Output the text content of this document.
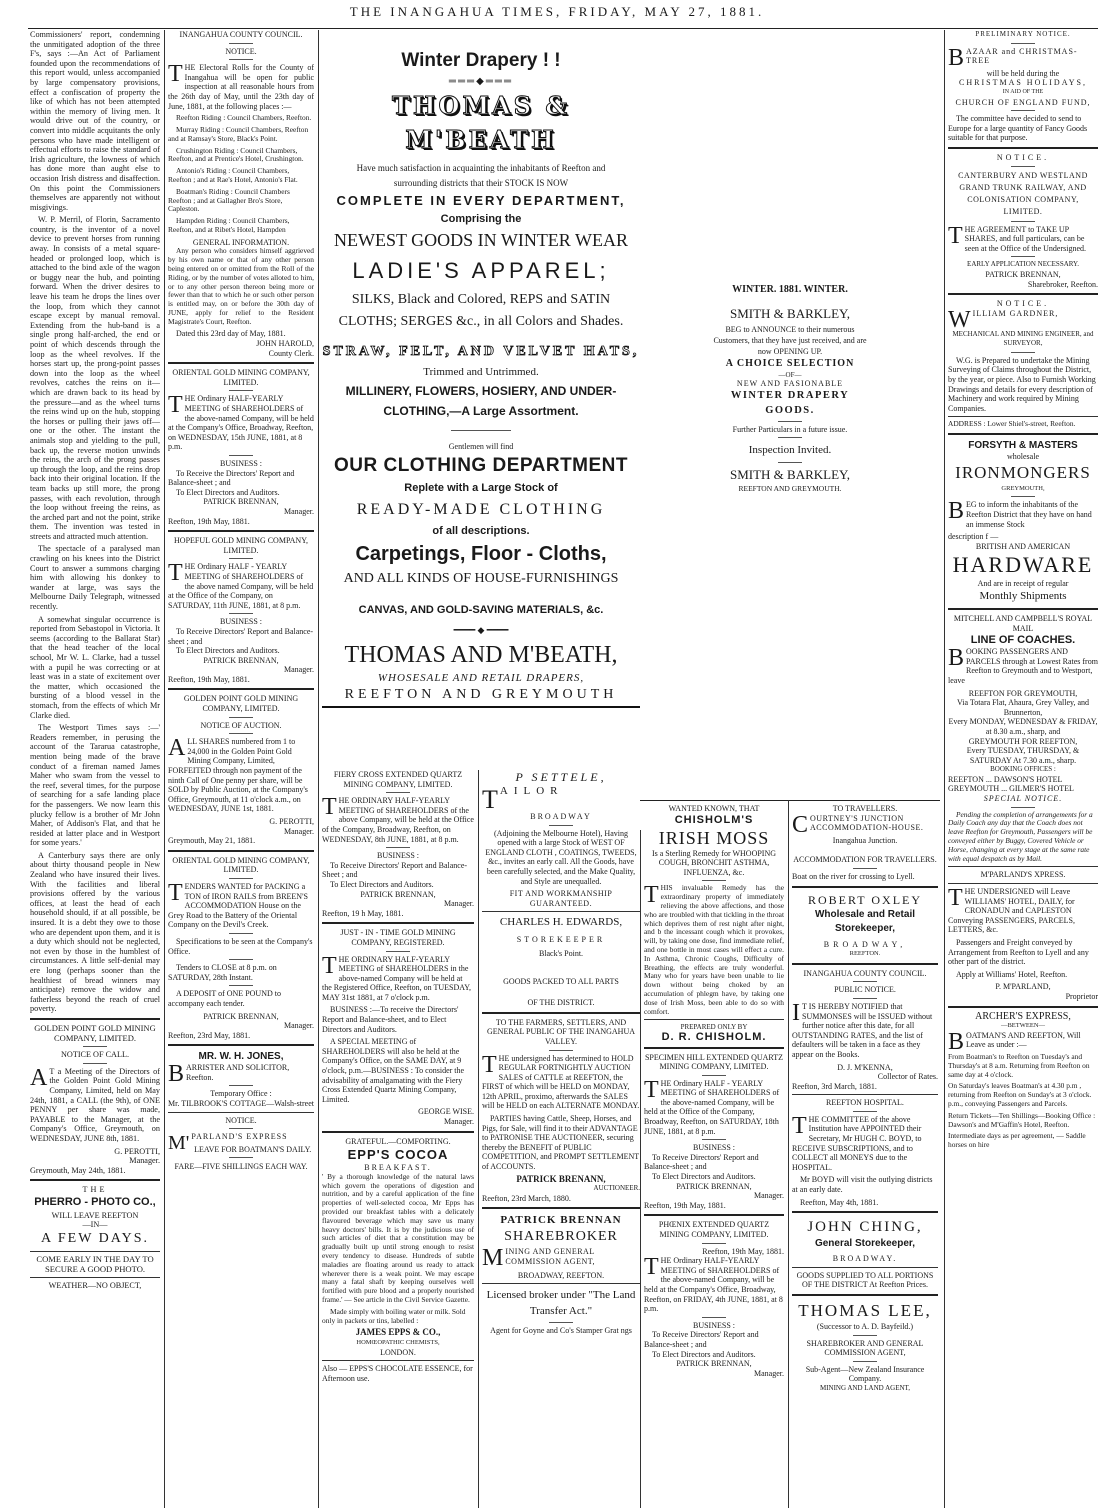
THE INANGAHUA TIMES, FRIDAY, MAY 27, 1881.

Commissioners' report, condemning the unmitigated adoption of the three F's, says :—An Act of Parliament founded upon the recommendations of this report would, unless accompanied by large compensatory provisions, effect a confiscation of property the like of which has not been attempted within the memory of living men. It would drive out of the country, or convert into middle acquitants the only persons who have made intelligent or effectual efforts to raise the standard of Irish agriculture, the lowness of which has done more than aught else to occasion Irish distress and disaffection. On this point the Commissioners themselves are apparently not without misgivings.

W. P. Merril, of Florin, Sacramento country, is the inventor of a novel device to prevent horses from running away. In consists of a metal square-headed or prolonged loop, which is attached to the bind axle of the wagon or buggy near the hub, and pointing forward. When the driver desires to leave his team he drops the lines over the loop, from which they cannot escape except by manual removal. Extending from the hub-band is a single prong half-arched, the end or point of which descends through the loop as the wheel revolves. If the horses start up, the prong-point passes down into the loop as the wheel revolves, catches the reins on it—which are drawn back to its head by the pressure—and as the wheel turns the reins wind up on the hub, stopping the horses or pulling their jaws off—one or the other. The instant the animals stop and yielding to the pull, back up, the reverse motion unwinds the reins, the arch of the prong passes up through the loop, and the reins drop back into their original location. If the team backs up still more, the prong passes, with each revolution, through the loop without freeing the reins, as the arched part and not the point, strike them. The invention was tested in streets and attracted much attention.

The spectacle of a paralysed man crawling on his knees into the District Court to answer a summons charging him with allowing his donkey to wander at large, was says the Melbourne Daily Telegraph, witnessed recently.

A somewhat singular occurrence is reported from Sebastopol in Victoria. It seems (according to the Ballarat Star) that the head teacher of the local school, Mr W. L. Clarke, had a tussel with a pupil he was correcting or at least was in a state of excitement over the matter, which occasioned the bursting of a blood vessel in the stomach, from the effects of which Mr Clarke died.

The Westport Times says :—' Readers remember, in perusing the account of the Tararua catastrophe, mention being made of the brave conduct of a fireman named James Maher who swam from the vessel to the reef, several times, for the purpose of searching for a safe landing place for the passengers. We now learn this plucky fellow is a brother of Mr John Maher, of Addison's Flat, and that he resided at latter place and in Westport for some years.'

A Canterbury says there are only about thirty thousand people in New Zealand who have insured their lives. With the facilities and liberal provisions offered by the various offices, at least the head of each household should, if at all possible, be insured. It is a debt they owe to those who are dependent upon them, and it is a duty which should not be neglected, not even by those in the humblest of circumstances. A little self-denial may ere long (perhaps sooner than the healthiest of bread winners may anticipate) remove the widow and fatherless beyond the reach of cruel poverty.

GOLDEN POINT GOLD MINING COMPANY, LIMITED.
NOTICE OF CALL.

A T a Meeting of the Directors of the Golden Point Gold Mining Company, Limited, held on May 24th, 1881, a CALL (the 9th), of ONE PENNY per share was made, PAYABLE to the Manager, at the Company's Office, Greymouth, on WEDNESDAY, JUNE 8th, 1881.

G. PEROTTI,
Manager.
Greymouth, May 24th, 1881.
THE
PHERRO - PHOTO CO.,
WILL LEAVE REEFTON
—IN—
A FEW DAYS.
COME EARLY IN THE DAY TO SECURE A GOOD PHOTO.
WEATHER—NO OBJECT,
INANGAHUA COUNTY COUNCIL.
NOTICE.

THE Electoral Rolls for the County of Inangahua will be open for public inspection at all reasonable hours from the 26th day of May, until the 23th day of June, 1881, at the following places :—

Reefton Riding : Council Chambers, Reefton.

Murray Riding : Council Chambers, Reefton and at Ramsay's Store, Black's Point.

Crushington Riding : Council Chambers, Reefton, and at Prentice's Hotel, Crushington.

Antonio's Riding : Council Chambers, Reefton ; and at Rae's Hotel, Antonio's Flat.

Boatman's Riding : Council Chambers Reefton ; and at Gallagher Bro's Store, Capleston.

Hampden Riding : Council Chambers, Reefton, and at Ribet's Hotel, Hampden

GENERAL INFORMATION.

Any person who considers himself aggrieved by his own name or that of any other person being entered on or omitted from the Roll of the Riding, or by the number of votes alloted to him, or to any other person thereon being more or fewer than that to which he or such other person is entitled may, on or before the 30th day of JUNE, apply for relief to the Resident Magistrate's Court, Reefton.

Dated this 23rd day of May, 1881.
JOHN HAROLD,
County Clerk.
ORIENTAL GOLD MINING COMPANY, LIMITED.

THE Ordinary HALF-YEARLY MEETING of SHAREHOLDERS of the above-named Company, will be held at the Company's Office, Broadway, Reefton, on WEDNESDAY, 15th JUNE, 1881, at 8 p.m.

BUSINESS :
To Receive the Directors' Report and Balance-sheet ; and
To Elect Directors and Auditors.
PATRICK BRENNAN,
Manager.
Reefton, 19th May, 1881.
HOPEFUL GOLD MINING COMPANY, LIMITED.

THE Ordinary HALF - YEARLY MEETING of SHAREHOLDERS of the above named Company, will be held at the Office of the Company, on SATURDAY, 11th JUNE, 1881, at 8 p.m.

BUSINESS :
To Receive Directors' Report and Balance-sheet ; and
To Elect Directors and Auditors.
PATRICK BRENNAN,
Manager.
Reefton, 19th May, 1881.
GOLDEN POINT GOLD MINING COMPANY, LIMITED.
NOTICE OF AUCTION.

ALL SHARES numbered from 1 to 24,000 in the Golden Point Gold Mining Company, Limited, FORFEITED through non payment of the ninth Call of One penny per share, will be SOLD by Public Auction, at the Company's Office, Greymouth, at 11 o'clock a.m., on WEDNESDAY, JUNE 1st, 1881.

G. PEROTTI,
Manager.
Greymouth, May 21, 1881.
ORIENTAL GOLD MINING COMPANY, LIMITED.

TENDERS WANTED for PACKING a TON of IRON RAILS from BREEN'S ACCOMMODATION House on the Grey Road to the Battery of the Oriental Company on the Devil's Creek.

Specifications to be seen at the Company's Office.

Tenders to CLOSE at 8 p.m. on SATURDAY, 28th Instant.

A DEPOSIT of ONE POUND to accompany each tender.

PATRICK BRENNAN,
Manager.
Reefton, 23rd May, 1881.
MR. W. H. JONES,

BARRISTER AND SOLICITOR, Reefton.

Temporary Office :
Mr. TILBROOK'S COTTAGE—Walsh-street
NOTICE.

M' PARLAND'S EXPRESS

LEAVE FOR BOATMAN'S DAILY.
FARE—FIVE SHILLINGS EACH WAY.
Winter Drapery ! !
═══◆═══
THOMAS & M'BEATH
Have much satisfaction in acquainting the inhabitants of Reefton and surrounding districts that their STOCK IS NOW
COMPLETE IN EVERY DEPARTMENT,
Comprising the
NEWEST GOODS IN WINTER WEAR
LADIE'S APPAREL;
SILKS, Black and Colored, REPS and SATIN
CLOTHS; SERGES &c., in all Colors and Shades.
STRAW, FELT, AND VELVET HATS,
Trimmed and Untrimmed.
MILLINERY, FLOWERS, HOSIERY, AND UNDER-
CLOTHING,—A Large Assortment.
Gentlemen will find
OUR CLOTHING DEPARTMENT
Replete with a Large Stock of
READY-MADE CLOTHING
of all descriptions.
Carpetings, Floor - Cloths,
AND ALL KINDS OF HOUSE-FURNISHINGS
CANVAS, AND GOLD-SAVING MATERIALS, &c.
━━━━ ◆ ━━━━
THOMAS AND M'BEATH,
WHOSESALE AND RETAIL DRAPERS,
REEFTON AND GREYMOUTH
FIERY CROSS EXTENDED QUARTZ MINING COMPANY, LIMITED.

THE ORDINARY HALF-YEARLY MEETING of SHAREHOLDERS of the above Company, will be held at the Office of the Company, Broadway, Reefton, on WEDNESDAY, 8th JUNE, 1881, at 8 p.m.

BUSINESS :
To Receive Directors' Report and Balance-Sheet ; and
To Elect Directors and Auditors.
PATRICK BRENNAN,
Manager.
Reefton, 19 h May, 1881.
JUST - IN - TIME GOLD MINING COMPANY, REGISTERED.

THE ORDINARY HALF-YEARLY MEETING of SHAREHOLDERS in the above-named Company will be held at the Registered Office, Reefton, on TUESDAY, MAY 31st 1881, at 7 o'clock p.m.

BUSINESS :—To receive the Directors' Report and Balance-sheet, and to Elect Directors and Auditors.

A SPECIAL MEETING of SHAREHOLDERS will also be held at the Company's Office, on the SAME DAY, at 9 o'clock, p.m.—BUSINESS : To consider the advisability of amalgamating with the Fiery Cross Extended Quartz Mining Company, Limited.

GEORGE WISE.
Manager.
GRATEFUL.—COMFORTING.
EPP'S COCOA
BREAKFAST.

' By a thorough knowledge of the natural laws which govern the operations of digestion and nutrition, and by a careful application of the fine properties of well-selected cocoa, Mr Epps has provided our breakfast tables with a delicately flavoured beverage which may save us many heavy doctors' bills. It is by the judicious use of such articles of diet that a constitution may be gradually built up until strong enough to resist every tendency to disease. Hundreds of subtle maladies are floating around us ready to attack wherever there is a weak point. We may escape many a fatal shaft by keeping ourselves well fortified with pure blood and a properly nourished frame.' — See article in the Civil Service Gazette.

Made simply with boiling water or milk. Sold only in packets or tins, labelled :

JAMES EPPS & CO.,
HOMŒOPATHIC CHEMISTS,
LONDON.

Also — EPPS'S CHOCOLATE ESSENCE, for Afternoon use.

P SETTELE,

TAILOR

BROADWAY

(Adjoining the Melbourne Hotel), Having opened with a large Stock of WEST OF ENGLAND CLOTH , COATINGS, TWEEDS, &c., invites an early call. All the Goods, have been carefully selected, and the Make Quality, and Style are unequalled.

FIT AND WORKMANSHIP GUARANTEED.
CHARLES H. EDWARDS,
STOREKEEPER
Black's Point.
GOODS PACKED TO ALL PARTS
OF THE DISTRICT.
TO THE FARMERS, SETTLERS, AND GENERAL PUBLIC OF THE INANGAHUA VALLEY.

THE undersigned has determined to HOLD REGULAR FORTNIGHTLY AUCTION SALES of CATTLE at REEFTON, the FIRST of which will be HELD on MONDAY, 12th APRIL, proximo, afterwards the SALES will be HELD on each ALTERNATE MONDAY.

PARTIES having Cattle, Sheep, Horses, and Pigs, for Sale, will find it to their ADVANTAGE to PATRONISE THE AUCTIONEER, securing thereby the BENEFIT of PUBLIC COMPETITION, and PROMPT SETTLEMENT of ACCOUNTS.

PATRICK BRENANN,
AUCTIONEER.
Reefton, 23rd March, 1880.
PATRICK BRENNAN
SHAREBROKER

MINING AND GENERAL COMMISSION AGENT,

BROADWAY, REEFTON.
Licensed broker under "The Land Transfer Act."

Agent for Goyne and Co's Stamper Grat ngs

WINTER. 1881. WINTER.
SMITH & BARKLEY,
BEG to ANNOUNCE to their numerous Customers, that they have just received, and are now OPENING UP.
A CHOICE SELECTION
—OF—
NEW AND FASIONABLE
WINTER DRAPERY GOODS.
Further Particulars in a future issue.
Inspection Invited.
SMITH & BARKLEY,
REEFTON AND GREYMOUTH.
WANTED KNOWN, THAT
CHISHOLM'S
IRISH MOSS

Is a Sterling Remedy for WHOOPING COUGH, BRONCHIT ASTHMA, INFLUENZA, &c.

THIS invaluable Remedy has the extraordinary property of immediately relieving the above affections, and those who are troubled with that tickling in the throat which deprives them of rest night after night, and b the incessant cough which it provokes, will, by taking one dose, find immediate relief, and one bottle in most cases will effect a cure. In Asthma, Chronic Coughs, Difficulty of Breathing, the effects are truly wonderful. Many who for years have been unable to lie down without being choked by an accumulation of phlegm have, by taking one dose of Irish Moss, been able to do so with comfort.

PREPARED ONLY BY
D. R. CHISHOLM.
SPECIMEN HILL EXTENDED QUARTZ MINING COMPANY, LIMITED.

THE Ordinary HALF - YEARLY MEETING of SHAREHOLDERS of the above-named Company, will be held at the Office of the Company, Broadway, Reefton, on SATURDAY, 18th JUNE, 1881, at 8 p.m.

BUSINESS :
To Receive Directors' Report and Balance-sheet ; and
To Elect Directors and Auditors.
PATRICK BRENNAN,
Manager.
Reefton, 19th May, 1881.
PHŒNIX EXTENDED QUARTZ MINING COMPANY, LIMITED.
Reefton, 19th May, 1881.

THE Ordinary HALF-YEARLY MEETING of SHAREHOLDERS of the above-named Company, will be held at the Company's Office, Broadway, Reefton, on FRIDAY, 4th JUNE, 1881, at 8 p.m.

BUSINESS :
To Receive Directors' Report and Balance-sheet ; and
To Elect Directors and Auditors.
PATRICK BRENNAN,
Manager.
TO TRAVELLERS.

COURTNEY'S JUNCTION ACCOMMODATION-HOUSE.

Inangahua Junction.
ACCOMMODATION FOR TRAVELLERS.
Boat on the river for crossing to Lyell.
ROBERT OXLEY
Wholesale and Retail Storekeeper,
BROADWAY,
REEFTON.
INANGAHUA COUNTY COUNCIL.
PUBLIC NOTICE.

I T IS HEREBY NOTIFIED that SUMMONSES will be ISSUED without further notice after this date, for all OUTSTANDING RATES, and the list of defaulters will be taken in a face as they appear on the Books.

D. J. M'KENNA,
Collector of Rates.
Reefton, 3rd March, 1881.
REEFTON HOSPITAL.

THE COMMITTEE of the above Institution have APPOINTED their Secretary, Mr HUGH C. BOYD, to RECEIVE SUBSCRIPTIONS, and to COLLECT all MONEYS due to the HOSPITAL.

Mr BOYD will visit the outlying districts at an early date.

Reefton, May 4th, 1881.
JOHN CHING,
General Storekeeper,
BROADWAY.
GOODS SUPPLIED TO ALL PORTIONS OF THE DISTRICT At Reefton Prices.
THOMAS LEE,
(Successor to A. D. Bayfeild.)
SHAREBROKER AND GENERAL COMMISSION AGENT,
Sub-Agent—New Zealand Insurance Company.
MINING AND LAND AGENT,
PRELIMINARY NOTICE.

BAZAAR and CHRISTMAS-TREE

will be held during the
CHRISTMAS HOLIDAYS,
IN AID OF THE
CHURCH OF ENGLAND FUND,

The committee have decided to send to Europe for a large quantity of Fancy Goods suitable for that purpose.

NOTICE.

CANTERBURY AND WESTLAND GRAND TRUNK RAILWAY, AND COLONISATION COMPANY, LIMITED.

THE AGREEMENT to TAKE UP SHARES, and full particulars, can be seen at the Office of the Undersigned.

EARLY APPLICATION NECESSARY.
PATRICK BRENNAN,
Sharebroker, Reefton.
NOTICE.

WILLIAM GARDNER,

MECHANICAL AND MINING ENGINEER, and SURVEYOR,

W.G. is Prepared to undertake the Mining Surveying of Claims throughout the District, by the year, or piece. Also to Furnish Working Drawings and details for every description of Machinery and work required by Mining Companies.

ADDRESS : Lower Shiel's-street, Reefton.
FORSYTH & MASTERS
wholesale
IRONMONGERS
GREYMOUTH,

BEG to inform the inhabitants of the Reefton District that they have on hand an immense Stock

description f —
BRITISH AND AMERICAN
HARDWARE
And are in receipt of regular
Monthly Shipments
MITCHELL AND CAMPBELL'S ROYAL MAIL
LINE OF COACHES.

BOOKING PASSENGERS AND PARCELS through at Lowest Rates from Reefton to Greymouth and to Westport, leave

REEFTON FOR GREYMOUTH,
Via Totara Flat, Ahaura, Grey Valley, and Brunnerton,
Every MONDAY, WEDNESDAY & FRIDAY, at 8.30 a.m., sharp, and
GREYMOUTH FOR REEFTON,
Every TUESDAY, THURSDAY, & SATURDAY At 7.30 a.m., sharp.
BOOKING OFFICES :
REEFTON ... DAWSON'S HOTEL
GREYMOUTH ... GILMER'S HOTEL
SPECIAL NOTICE.

Pending the completion of arrangements for a Daily Coach any day that the Coach does not leave Reefton for Greymouth, Passengers will be conveyed either by Buggy, Covered Vehicle or Horse, changing at every stage at the same rate with equal despatch as by Mail.

M'PARLAND'S XPRESS.

THE UNDERSIGNED will Leave WILLIAMS' HOTEL, DAILY, for CRONADUN and CAPLESTON Conveying PASSENGERS, PARCELS, LETTERS, &c.

Passengers and Freight conveyed by Arrangement from Reefton to Lyell and any other part of the district.

Apply at Williams' Hotel, Reefton.

P. M'PARLAND,
Proprietor
ARCHER'S EXPRESS,
—BETWEEN—

BOATMAN'S AND REEFTON, Will Leave as under :—

From Boatman's to Reefton on Tuesday's and Thursday's at 8 a.m. Returning from Reefton on same day at 4 o'clock.

On Saturday's leaves Boatman's at 4.30 p.m , returning from Reefton on Sunday's at 3 o'clock. p.m., conveying Passengers and Parcels.

Return Tickets—Ten Shillings—Booking Office : Dawson's and M'Gaffin's Hotel, Reefton.

Intermediate days as per agreement, — Saddle horses on hire
